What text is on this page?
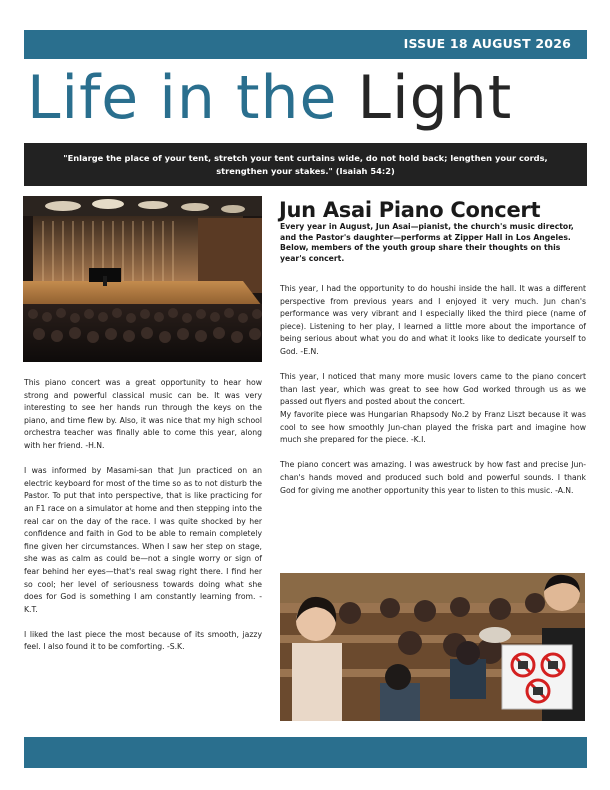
ISSUE 18 AUGUST 2026
Life in the Light
"Enlarge the place of your tent, stretch your tent curtains wide, do not hold back; lengthen your cords, strengthen your stakes." (Isaiah 54:2)

This piano concert was a great opportunity to hear how strong and powerful classical music can be. It was very interesting to see her hands run through the keys on the piano, and time flew by. Also, it was nice that my high school orchestra teacher was finally able to come this year, along with her friend. -H.N.

I was informed by Masami-san that Jun practiced on an electric keyboard for most of the time so as to not disturb the Pastor. To put that into perspective, that is like practicing for an F1 race on a simulator at home and then stepping into the real car on the day of the race. I was quite shocked by her confidence and faith in God to be able to remain completely fine given her circumstances. When I saw her step on stage, she was as calm as could be—not a single worry or sign of fear behind her eyes—that's real swag right there. I find her so cool; her level of seriousness towards doing what she does for God is something I am constantly learning from. -K.T.

I liked the last piece the most because of its smooth, jazzy feel. I also found it to be comforting. -S.K.

Jun Asai Piano Concert
Every year in August, Jun Asai—pianist, the church's music director, and the Pastor's daughter—performs at Zipper Hall in Los Angeles. Below, members of the youth group share their thoughts on this year's concert.

This year, I had the opportunity to do houshi inside the hall. It was a different perspective from previous years and I enjoyed it very much. Jun chan's performance was very vibrant and I especially liked the third piece (name of piece). Listening to her play, I learned a little more about the importance of being serious about what you do and what it looks like to dedicate yourself to God. -E.N.

This year, I noticed that many more music lovers came to the piano concert than last year, which was great to see how God worked through us as we passed out flyers and posted about the concert.
My favorite piece was Hungarian Rhapsody No.2 by Franz Liszt because it was cool to see how smoothly Jun-chan played the friska part and imagine how much she prepared for the piece. -K.I.

The piano concert was amazing. I was awestruck by how fast and precise Jun-chan's hands moved and produced such bold and powerful sounds. I thank God for giving me another opportunity this year to listen to this music. -A.N.
